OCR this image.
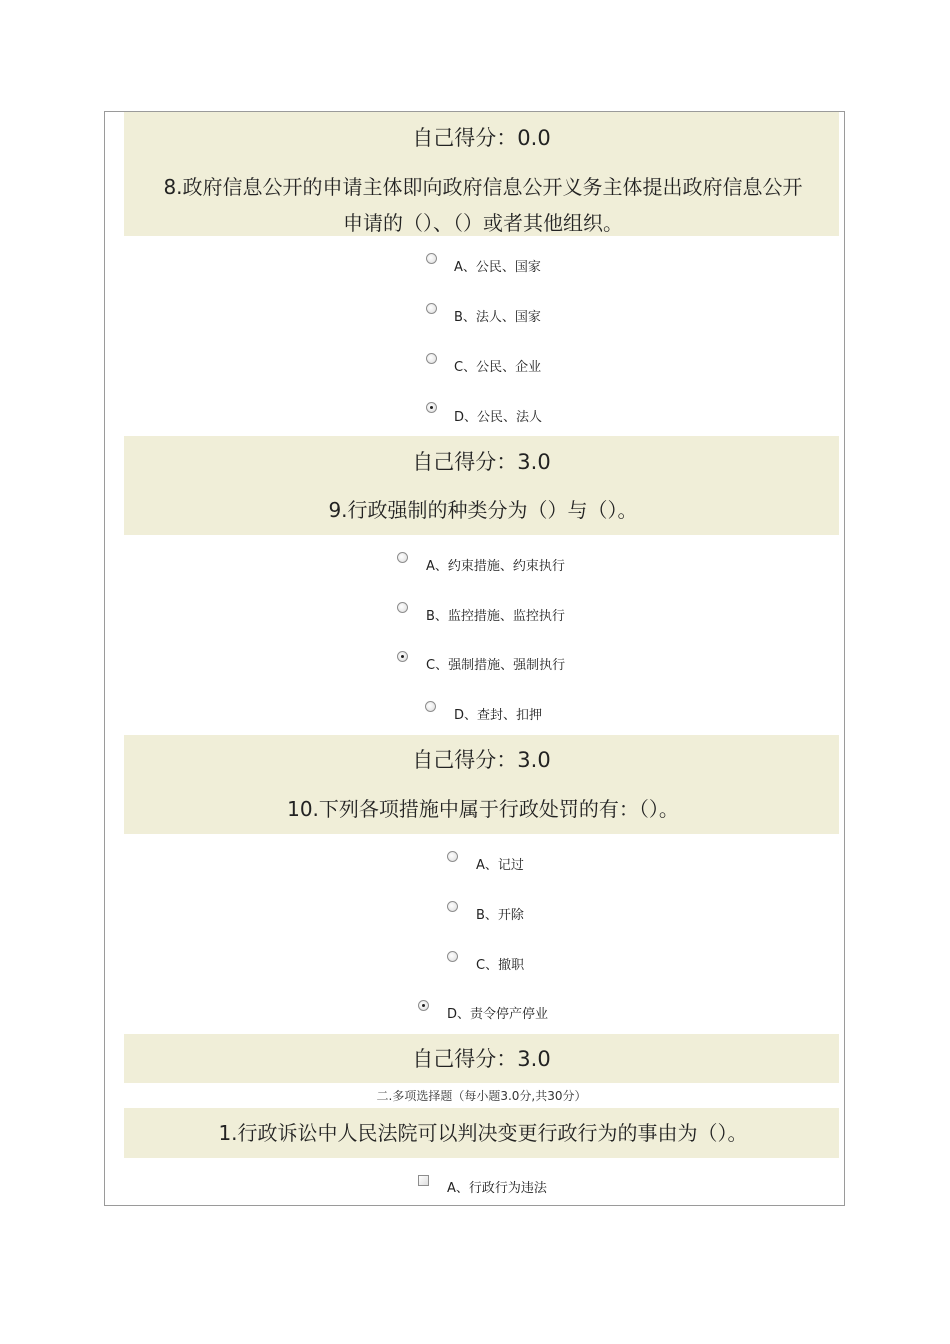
自己得分：0.0
8.政府信息公开的申请主体即向政府信息公开义务主体提出政府信息公开
申请的（）、（）或者其他组织。
A、公民、国家
B、法人、国家
C、公民、企业
D、公民、法人
自己得分：3.0
9.行政强制的种类分为（）与（）。
A、约束措施、约束执行
B、监控措施、监控执行
C、强制措施、强制执行
D、查封、扣押
自己得分：3.0
10.下列各项措施中属于行政处罚的有：（）。
A、记过
B、开除
C、撤职
D、责令停产停业
自己得分：3.0
二.多项选择题（每小题3.0分,共30分）
1.行政诉讼中人民法院可以判决变更行政行为的事由为（）。
A、行政行为违法
